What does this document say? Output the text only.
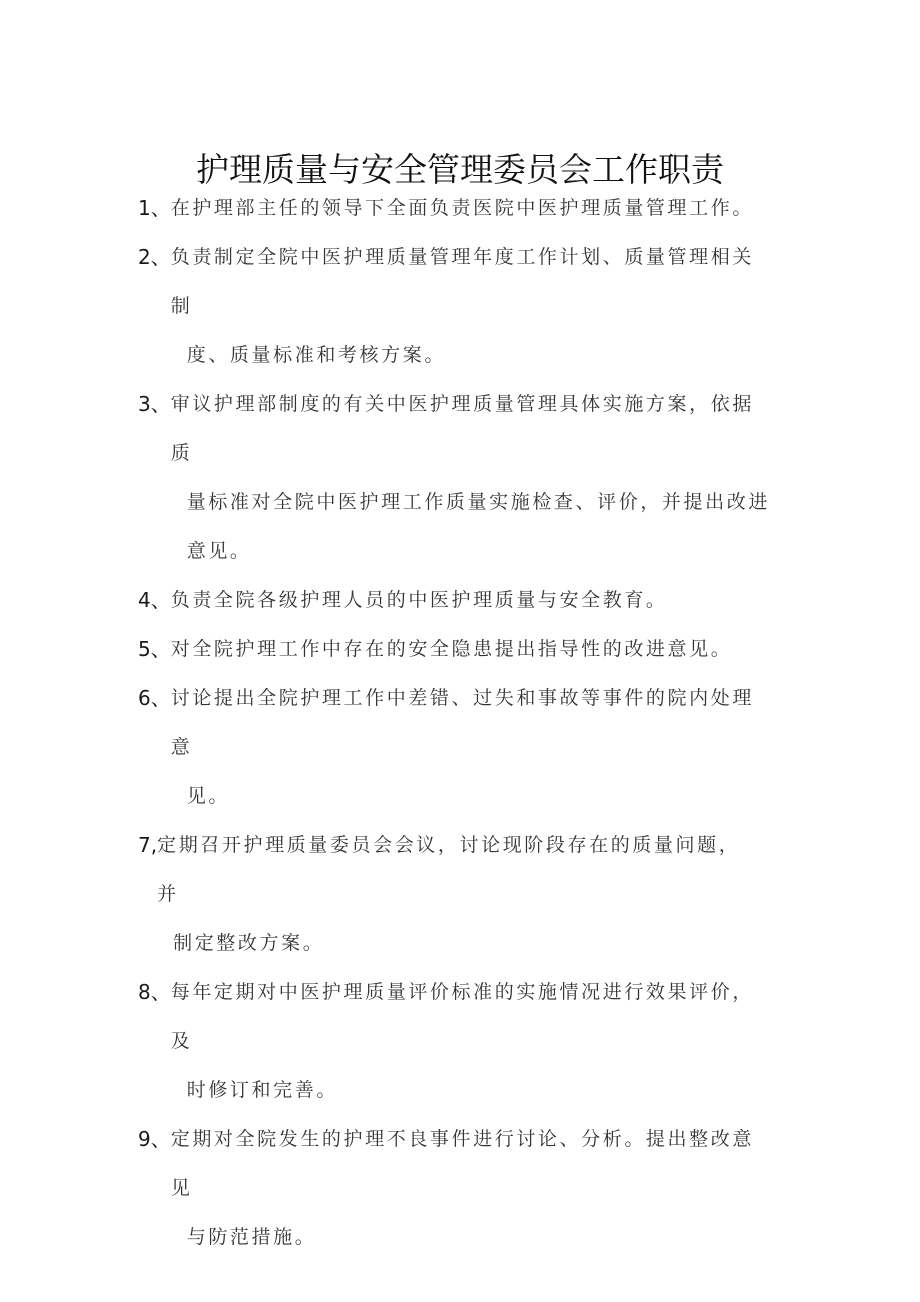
护理质量与安全管理委员会工作职责
1、 在护理部主任的领导下全面负责医院中医护理质量管理工作。
2、 负责制定全院中医护理质量管理年度工作计划、质量管理相关制
度、质量标准和考核方案。
3、 审议护理部制度的有关中医护理质量管理具体实施方案，依据质
量标准对全院中医护理工作质量实施检查、评价，并提出改进
意见。
4、 负责全院各级护理人员的中医护理质量与安全教育。
5、 对全院护理工作中存在的安全隐患提出指导性的改进意见。
6、 讨论提出全院护理工作中差错、过失和事故等事件的院内处理意
见。
7, 定期召开护理质量委员会会议，讨论现阶段存在的质量问题，并
制定整改方案。
8、 每年定期对中医护理质量评价标准的实施情况进行效果评价，及
时修订和完善。
9、 定期对全院发生的护理不良事件进行讨论、分析。提出整改意见
与防范措施。
